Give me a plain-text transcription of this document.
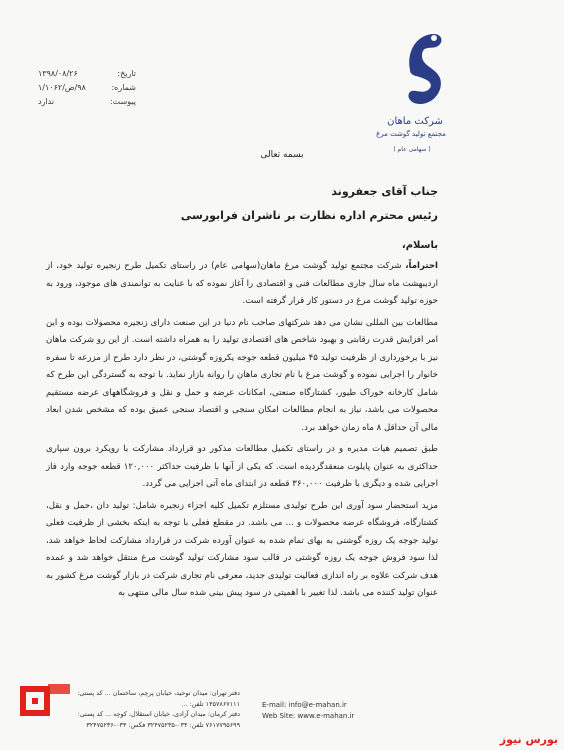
شرکت ماهان
مجتمع تولید گوشت مرغ
( سهامی عام )
تاریخ:
۱۳۹۸/۰۸/۲۶
شماره:
۹۸/ص/۱/۱۰۶۲
پیوست:
ندارد
بسمه تعالی
جناب آقای جعفروند
رئیس محترم اداره نظارت بر ناشران فرابورسی
باسلام،

احتراماً، شرکت مجتمع تولید گوشت مرغ ماهان(سهامی عام) در راستای تکمیل طرح زنجیره تولید خود، از اردیبهشت ماه سال جاری مطالعات فنی و اقتصادی را آغاز نموده که با عنایت به توانمندی های موجود، ورود به حوزه تولید گوشت مرغ در دستور کار قرار گرفته است.

مطالعات بین المللی نشان می دهد شرکتهای صاحب نام دنیا در این صنعت دارای زنجیره محصولات بوده و این امر افزایش قدرت رقابتی و بهبود شاخص های اقتصادی تولید را به همراه داشته است. از این رو شرکت ماهان نیز با برخورداری از ظرفیت تولید ۴۵ میلیون قطعه جوجه یکروزه گوشتی، در نظر دارد طرح از مزرعه تا سفره خانوار را اجرایی نموده و گوشت مرغ با نام تجاری ماهان را روانه بازار نماید. با توجه به گستردگی این طرح که شامل کارخانه خوراک طیور، کشتارگاه صنعتی، امکانات عرضه و حمل و نقل و فروشگاههای عرضه مستقیم محصولات می باشد، نیاز به انجام مطالعات امکان سنجی و اقتصاد سنجی عمیق بوده که مشخص شدن ابعاد مالی آن حداقل ۸ ماه زمان خواهد برد.

طبق تصمیم هیات مدیره و در راستای تکمیل مطالعات مذکور دو قرارداد مشارکت با رویکرد برون سپاری حداکثری به عنوان پایلوت منعقدگردیده است. که یکی از آنها با ظرفیت حداکثر ۱۲۰,۰۰۰ قطعه جوجه وارد فاز اجرایی شده و دیگری با ظرفیت ۳۶۰,۰۰۰ قطعه در ابتدای ماه آتی اجرایی می گردد.

مزید استحضار سود آوری این طرح تولیدی مستلزم تکمیل کلیه اجزاء زنجیره شامل: تولید دان ،حمل و نقل، کشتارگاه، فروشگاه عرضه محصولات و ... می باشد. در مقطع فعلی با توجه به اینکه بخشی از ظرفیت فعلی تولید جوجه یک روزه گوشتی به بهای تمام شده به عنوان آورده شرکت در قرارداد مشارکت لحاظ خواهد شد، لذا سود فروش جوجه یک روزه گوشتی در قالب سود مشارکت تولید گوشت مرغ منتقل خواهد شد و عمده هدف شرکت علاوه بر راه اندازی فعالیت تولیدی جدید، معرفی نام تجاری شرکت در بازار گوشت مرغ کشور به عنوان تولید کننده می باشد. لذا تغییر با اهمیتی در سود پیش بینی شده سال مالی منتهی به

دفتر تهران: میدان توحید، خیابان پرچم، ساختمان ... کد پستی: ۱۴۵۷۸۶۷۱۱۱ تلفن: ...
دفتر کرمان: میدان آزادی، خیابان استقلال، کوچه ... کد پستی: ۷۶۱۷۷۹۵۶۹۹ تلفن: ۰۳۴-۳۲۴۷۵۲۳۵ فکس: ۰۳۴-۳۲۴۷۵۲۳۶
E-mail: info@e-mahan.ir
Web Site: www.e-mahan.ir
بورس نیوز
